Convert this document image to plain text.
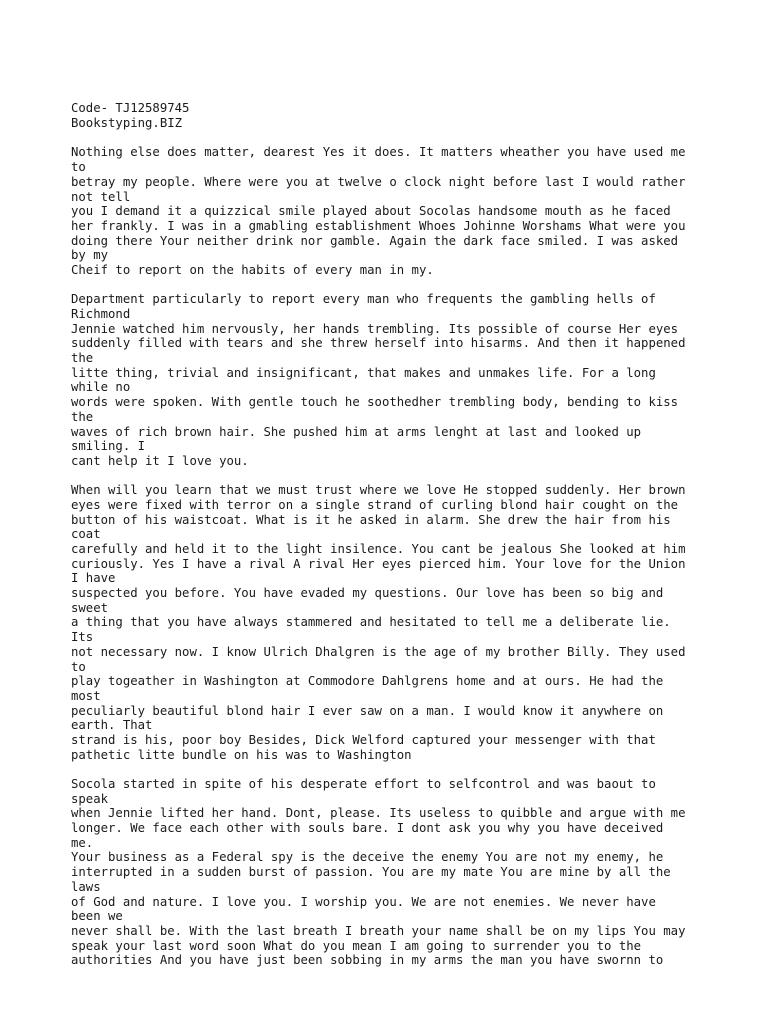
Code- TJ12589745
Bookstyping.BIZ
Nothing else does matter, dearest Yes it does. It matters wheather you have used me
to
betray my people. Where were you at twelve o clock night before last I would rather
not tell
you I demand it a quizzical smile played about Socolas handsome mouth as he faced
her frankly. I was in a gmabling establishment Whoes Johinne Worshams What were you
doing there Your neither drink nor gamble. Again the dark face smiled. I was asked
by my
Cheif to report on the habits of every man in my.
Department particularly to report every man who frequents the gambling hells of
Richmond
Jennie watched him nervously, her hands trembling. Its possible of course Her eyes
suddenly filled with tears and she threw herself into hisarms. And then it happened
the
litte thing, trivial and insignificant, that makes and unmakes life. For a long
while no
words were spoken. With gentle touch he soothedher trembling body, bending to kiss
the
waves of rich brown hair. She pushed him at arms lenght at last and looked up
smiling. I
cant help it I love you.
When will you learn that we must trust where we love He stopped suddenly. Her brown
eyes were fixed with terror on a single strand of curling blond hair cought on the
button of his waistcoat. What is it he asked in alarm. She drew the hair from his
coat
carefully and held it to the light insilence. You cant be jealous She looked at him
curiously. Yes I have a rival A rival Her eyes pierced him. Your love for the Union
I have
suspected you before. You have evaded my questions. Our love has been so big and
sweet
a thing that you have always stammered and hesitated to tell me a deliberate lie.
Its
not necessary now. I know Ulrich Dhalgren is the age of my brother Billy. They used
to
play togeather in Washington at Commodore Dahlgrens home and at ours. He had the
most
peculiarly beautiful blond hair I ever saw on a man. I would know it anywhere on
earth. That
strand is his, poor boy Besides, Dick Welford captured your messenger with that
pathetic litte bundle on his was to Washington
Socola started in spite of his desperate effort to selfcontrol and was baout to
speak
when Jennie lifted her hand. Dont, please. Its useless to quibble and argue with me
longer. We face each other with souls bare. I dont ask you why you have deceived
me.
Your business as a Federal spy is the deceive the enemy You are not my enemy, he
interrupted in a sudden burst of passion. You are my mate You are mine by all the
laws
of God and nature. I love you. I worship you. We are not enemies. We never have
been we
never shall be. With the last breath I breath your name shall be on my lips You may
speak your last word soon What do you mean I am going to surrender you to the
authorities And you have just been sobbing in my arms the man you have swornn to
